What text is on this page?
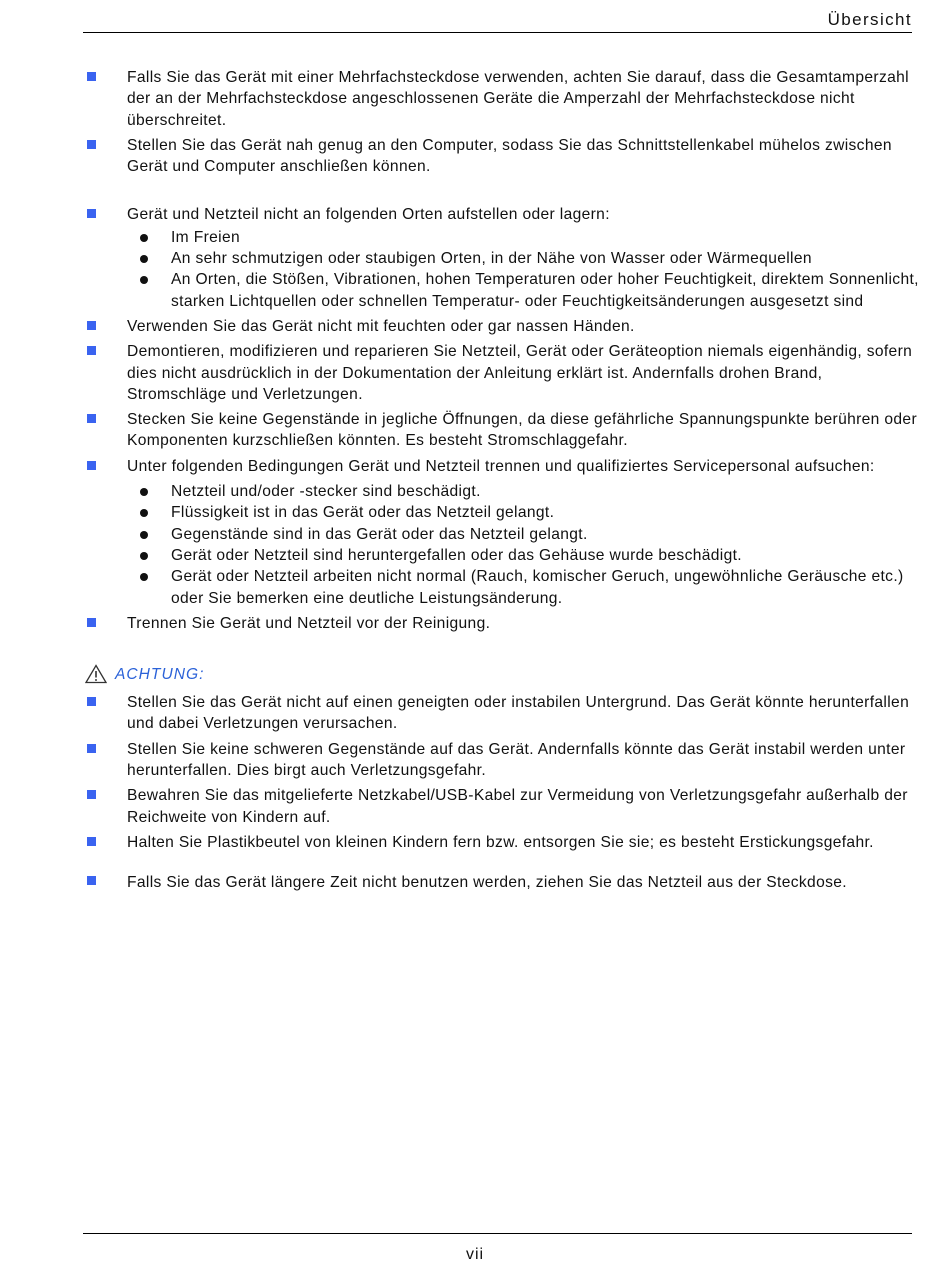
Übersicht
Falls Sie das Gerät mit einer Mehrfachsteckdose verwenden, achten Sie darauf, dass die Gesamtamperzahl der an der Mehrfachsteckdose angeschlossenen Geräte die Amperzahl der Mehrfachsteckdose nicht überschreitet.
Stellen Sie das Gerät nah genug an den Computer, sodass Sie das Schnittstellenkabel mühelos zwischen Gerät und Computer anschließen können.
Gerät und Netzteil nicht an folgenden Orten aufstellen oder lagern:
Im Freien
An sehr schmutzigen oder staubigen Orten, in der Nähe von Wasser oder Wärmequellen
An Orten, die Stößen, Vibrationen, hohen Temperaturen oder hoher Feuchtigkeit, direktem Sonnenlicht, starken Lichtquellen oder schnellen Temperatur- oder Feuchtigkeitsänderungen ausgesetzt sind
Verwenden Sie das Gerät nicht mit feuchten oder gar nassen Händen.
Demontieren, modifizieren und reparieren Sie Netzteil, Gerät oder Geräteoption niemals eigenhändig, sofern dies nicht ausdrücklich in der Dokumentation der Anleitung erklärt ist. Andernfalls drohen Brand, Stromschläge und Verletzungen.
Stecken Sie keine Gegenstände in jegliche Öffnungen, da diese gefährliche Spannungspunkte berühren oder Komponenten kurzschließen könnten. Es besteht Stromschlaggefahr.
Unter folgenden Bedingungen Gerät und Netzteil trennen und qualifiziertes Servicepersonal aufsuchen:
Netzteil und/oder -stecker sind beschädigt.
Flüssigkeit ist in das Gerät oder das Netzteil gelangt.
Gegenstände sind in das Gerät oder das Netzteil gelangt.
Gerät oder Netzteil sind heruntergefallen oder das Gehäuse wurde beschädigt.
Gerät oder Netzteil arbeiten nicht normal (Rauch, komischer Geruch, ungewöhnliche Geräusche etc.) oder Sie bemerken eine deutliche Leistungsänderung.
Trennen Sie Gerät und Netzteil vor der Reinigung.
ACHTUNG:
Stellen Sie das Gerät nicht auf einen geneigten oder instabilen Untergrund. Das Gerät könnte herunterfallen und dabei Verletzungen verursachen.
Stellen Sie keine schweren Gegenstände auf das Gerät. Andernfalls könnte das Gerät instabil werden unter herunterfallen. Dies birgt auch Verletzungsgefahr.
Bewahren Sie das mitgelieferte Netzkabel/USB-Kabel zur Vermeidung von Verletzungsgefahr außerhalb der Reichweite von Kindern auf.
Halten Sie Plastikbeutel von kleinen Kindern fern bzw. entsorgen Sie sie; es besteht Erstickungsgefahr.
Falls Sie das Gerät längere Zeit nicht benutzen werden, ziehen Sie das Netzteil aus der Steckdose.
vii
